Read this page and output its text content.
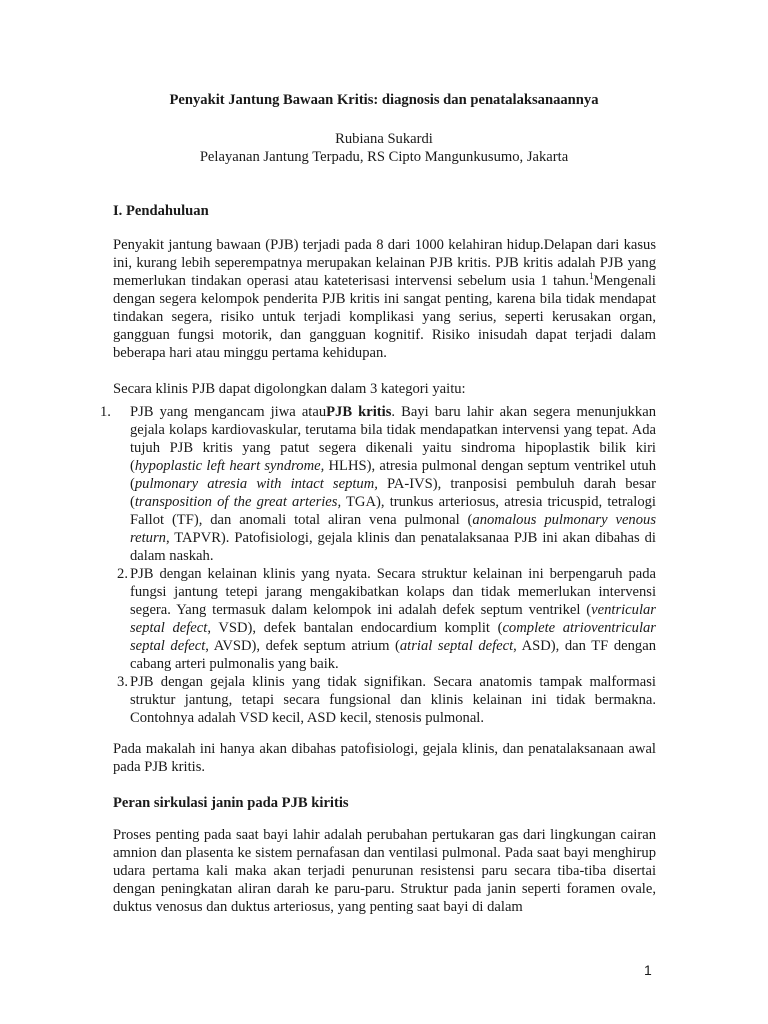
Penyakit Jantung Bawaan Kritis: diagnosis dan penatalaksanaannya
Rubiana Sukardi
Pelayanan Jantung Terpadu, RS Cipto Mangunkusumo, Jakarta
I. Pendahuluan
Penyakit jantung bawaan (PJB) terjadi pada 8 dari 1000 kelahiran hidup.Delapan dari kasus ini, kurang lebih seperempatnya merupakan kelainan PJB kritis. PJB kritis adalah PJB yang memerlukan tindakan operasi atau kateterisasi intervensi sebelum usia 1 tahun.$^1$Mengenali dengan segera kelompok penderita PJB kritis ini sangat penting, karena bila tidak mendapat tindakan segera, risiko untuk terjadi komplikasi yang serius, seperti kerusakan organ, gangguan fungsi motorik, dan gangguan kognitif. Risiko inisudah dapat terjadi dalam beberapa hari atau minggu pertama kehidupan.
Secara klinis PJB dapat digolongkan dalam 3 kategori yaitu:
1.	PJB yang mengancam jiwa atauPJB kritis. Bayi baru lahir akan segera menunjukkan gejala kolaps kardiovaskular, terutama bila tidak mendapatkan intervensi yang tepat. Ada tujuh PJB kritis yang patut segera dikenali yaitu sindroma hipoplastik bilik kiri (hypoplastic left heart syndrome, HLHS), atresia pulmonal dengan septum ventrikel utuh (pulmonary atresia with intact septum, PA-IVS), tranposisi pembuluh darah besar (transposition of the great arteries, TGA), trunkus arteriosus, atresia tricuspid, tetralogi Fallot (TF), dan anomali total aliran vena pulmonal (anomalous pulmonary venous return, TAPVR). Patofisiologi, gejala klinis dan penatalaksanaa PJB ini akan dibahas di dalam naskah.
2. PJB dengan kelainan klinis yang nyata. Secara struktur kelainan ini berpengaruh pada fungsi jantung tetepi jarang mengakibatkan kolaps dan tidak memerlukan intervensi segera. Yang termasuk dalam kelompok ini adalah defek septum ventrikel (ventricular septal defect, VSD), defek bantalan endocardium komplit (complete atrioventricular septal defect, AVSD), defek septum atrium (atrial septal defect, ASD), dan TF dengan cabang arteri pulmonalis yang baik.
3. PJB dengan gejala klinis yang tidak signifikan. Secara anatomis tampak malformasi struktur jantung, tetapi secara fungsional dan klinis kelainan ini tidak bermakna. Contohnya adalah VSD kecil, ASD kecil, stenosis pulmonal.
Pada makalah ini hanya akan dibahas patofisiologi, gejala klinis, dan penatalaksanaan awal pada PJB kritis.
Peran sirkulasi janin pada PJB kiritis
Proses penting pada saat bayi lahir adalah perubahan pertukaran gas dari lingkungan cairan amnion dan plasenta ke sistem pernafasan dan ventilasi pulmonal. Pada saat bayi menghirup udara pertama kali maka akan terjadi penurunan resistensi paru secara tiba-tiba disertai dengan peningkatan aliran darah ke paru-paru. Struktur pada janin seperti foramen ovale, duktus venosus dan duktus arteriosus, yang penting saat bayi di dalam
1
